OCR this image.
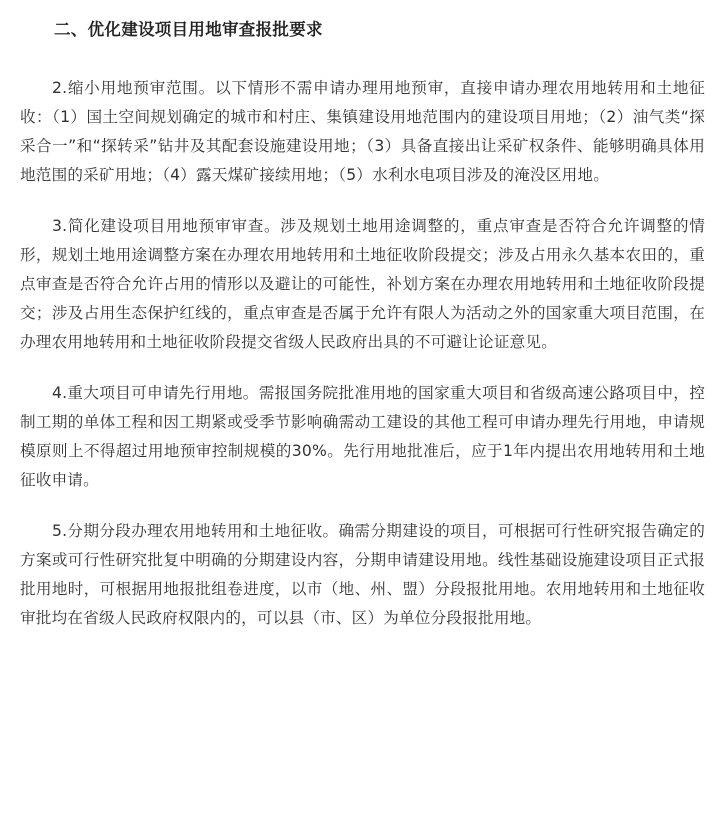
二、优化建设项目用地审查报批要求

2.缩小用地预审范围。以下情形不需申请办理用地预审，直接申请办理农用地转用和土地征收：（1）国土空间规划确定的城市和村庄、集镇建设用地范围内的建设项目用地；（2）油气类“探采合一”和“探转采”钻井及其配套设施建设用地；（3）具备直接出让采矿权条件、能够明确具体用地范围的采矿用地；（4）露天煤矿接续用地；（5）水利水电项目涉及的淹没区用地。

3.简化建设项目用地预审审查。涉及规划土地用途调整的，重点审查是否符合允许调整的情形，规划土地用途调整方案在办理农用地转用和土地征收阶段提交；涉及占用永久基本农田的，重点审查是否符合允许占用的情形以及避让的可能性，补划方案在办理农用地转用和土地征收阶段提交；涉及占用生态保护红线的，重点审查是否属于允许有限人为活动之外的国家重大项目范围，在办理农用地转用和土地征收阶段提交省级人民政府出具的不可避让论证意见。

4.重大项目可申请先行用地。需报国务院批准用地的国家重大项目和省级高速公路项目中，控制工期的单体工程和因工期紧或受季节影响确需动工建设的其他工程可申请办理先行用地，申请规模原则上不得超过用地预审控制规模的30%。先行用地批准后，应于1年内提出农用地转用和土地征收申请。

5.分期分段办理农用地转用和土地征收。确需分期建设的项目，可根据可行性研究报告确定的方案或可行性研究批复中明确的分期建设内容，分期申请建设用地。线性基础设施建设项目正式报批用地时，可根据用地报批组卷进度，以市（地、州、盟）分段报批用地。农用地转用和土地征收审批均在省级人民政府权限内的，可以县（市、区）为单位分段报批用地。
